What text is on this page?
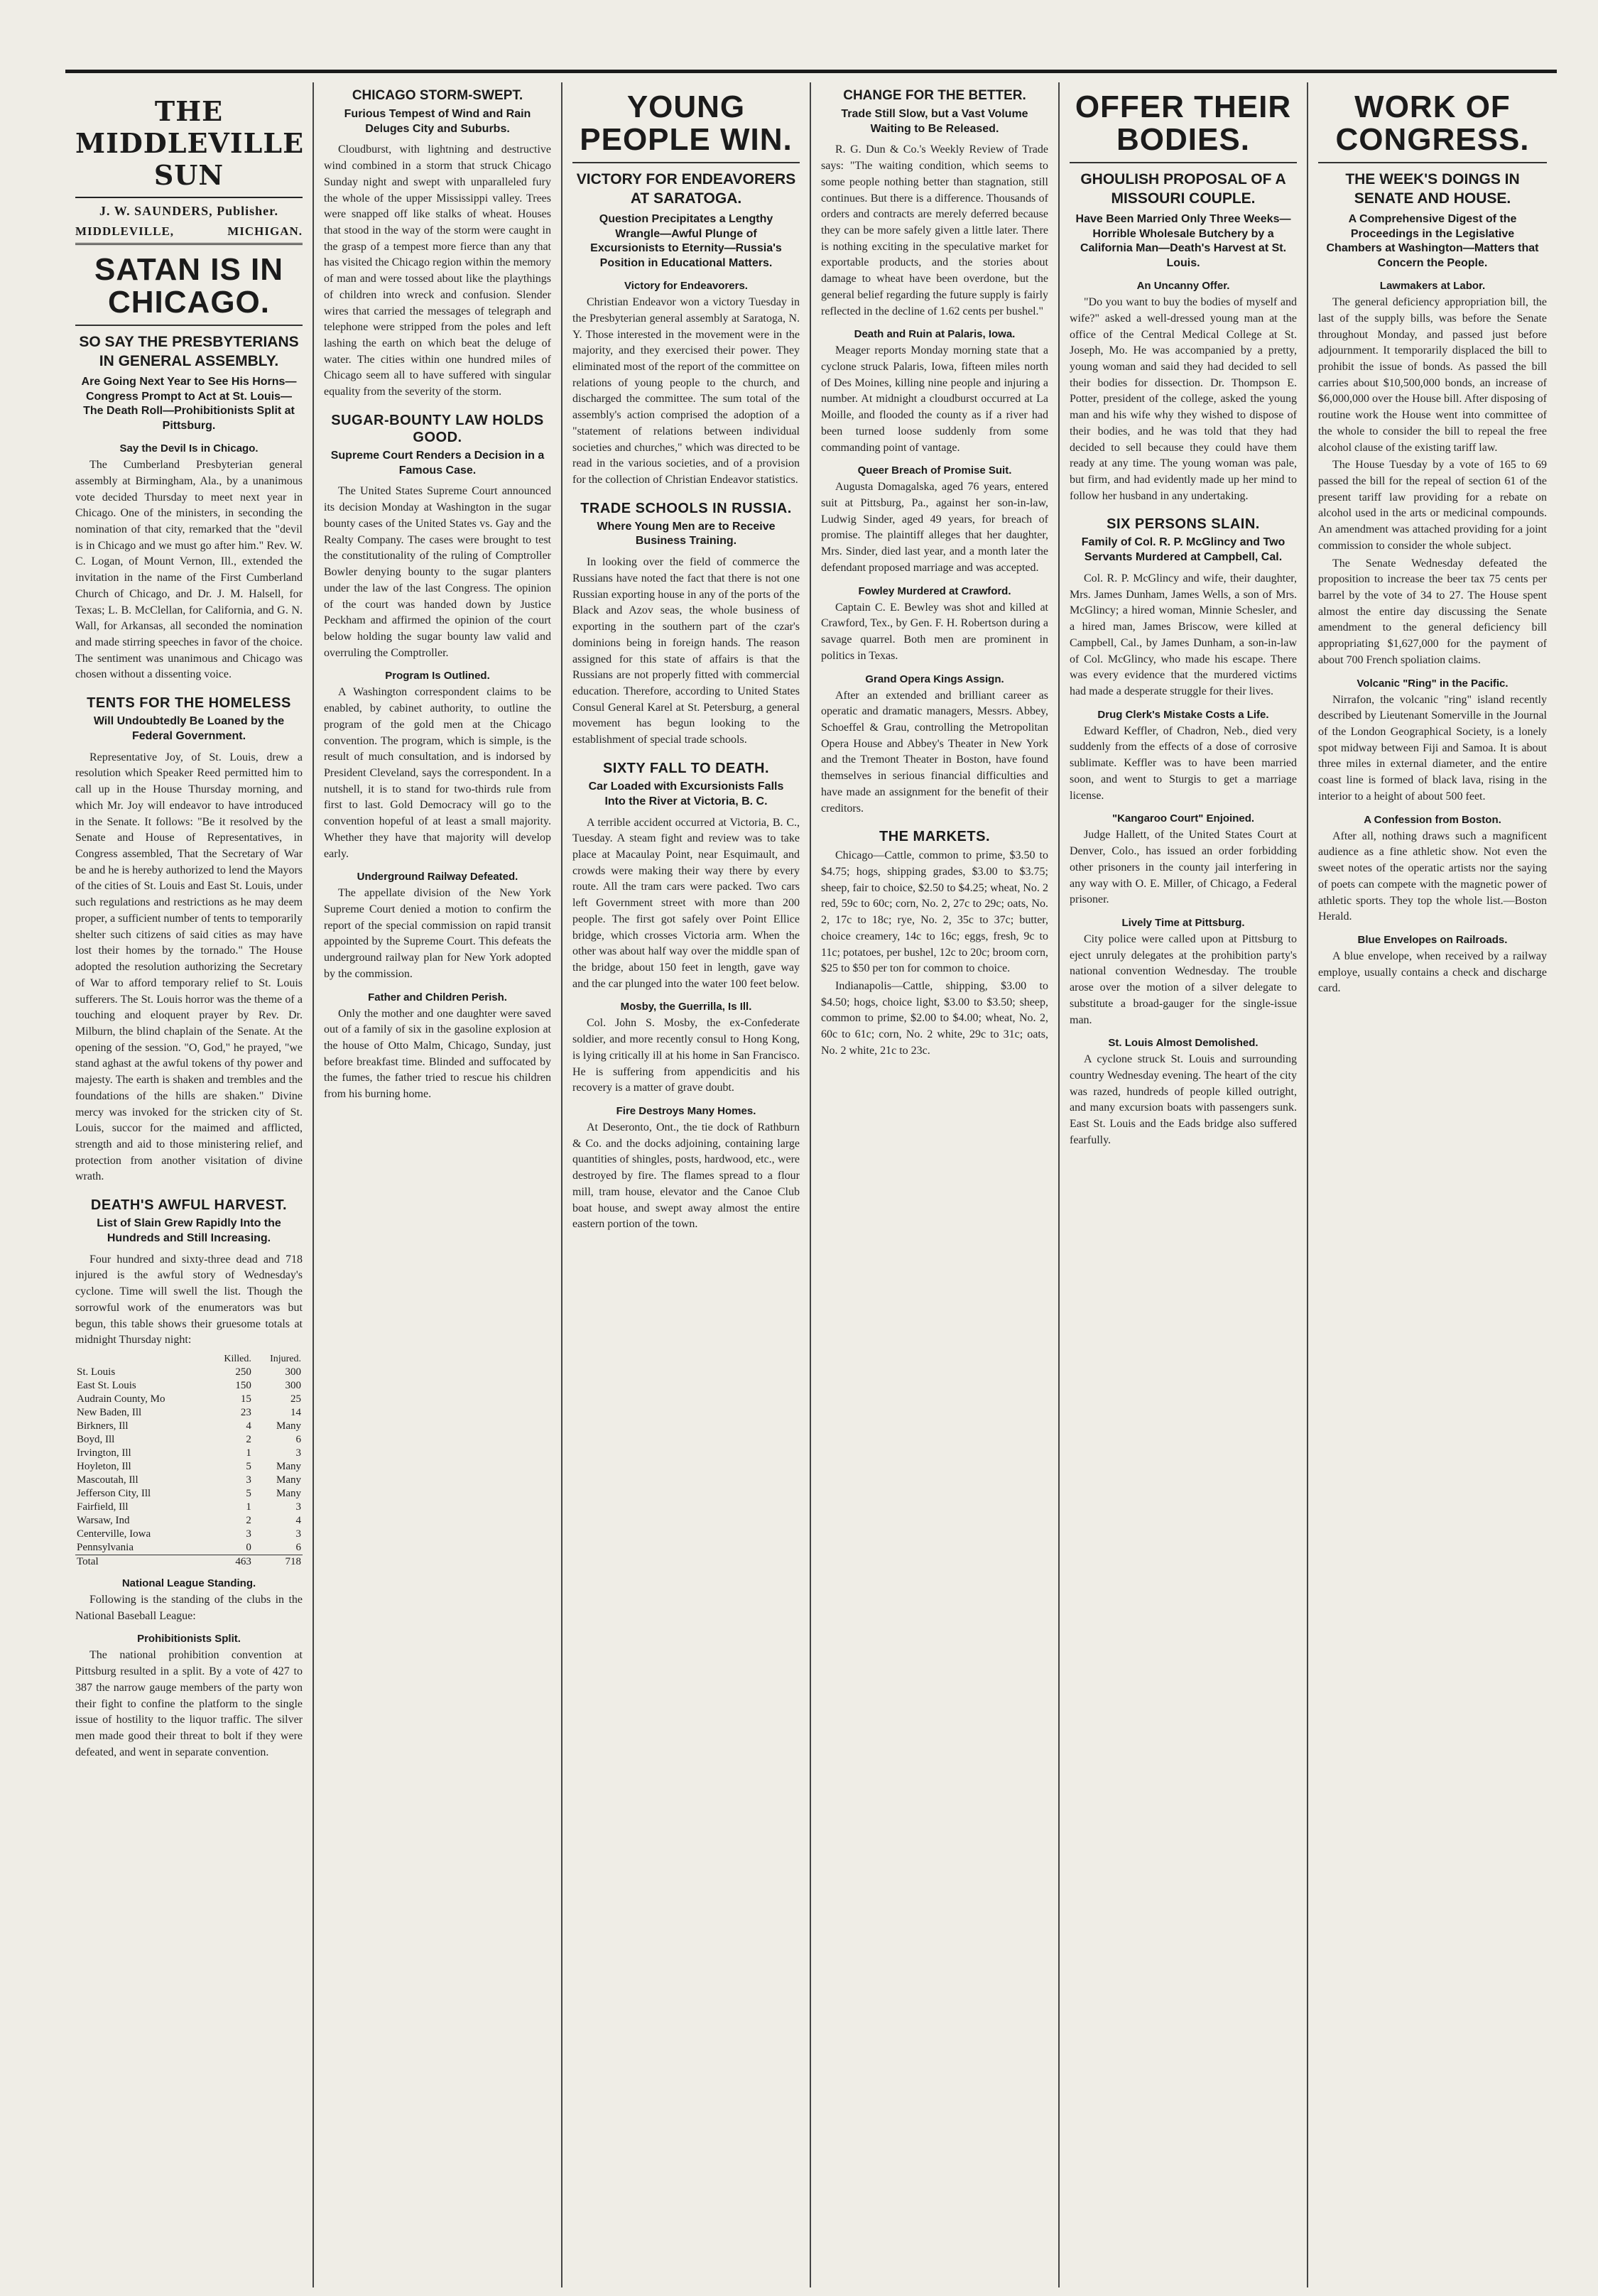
THE MIDDLEVILLE SUN
J. W. SAUNDERS, Publisher.
MIDDLEVILLE,	MICHIGAN.
SATAN IS IN CHICAGO.
SO SAY THE PRESBYTERIANS IN GENERAL ASSEMBLY.
Are Going Next Year to See His Horns—Congress Prompt to Act at St. Louis—The Death Roll—Prohibitionists Split at Pittsburg.
Say the Devil Is in Chicago.

The Cumberland Presbyterian general assembly at Birmingham, Ala., by a unanimous vote decided Thursday to meet next year in Chicago. One of the ministers, in seconding the nomination of that city, remarked that the "devil is in Chicago and we must go after him." Rev. W. C. Logan, of Mount Vernon, Ill., extended the invitation in the name of the First Cumberland Church of Chicago, and Dr. J. M. Halsell, for Texas; L. B. McClellan, for California, and G. N. Wall, for Arkansas, all seconded the nomination and made stirring speeches in favor of the choice. The sentiment was unanimous and Chicago was chosen without a dissenting voice.

TENTS FOR THE HOMELESS
Will Undoubtedly Be Loaned by the Federal Government.

Representative Joy, of St. Louis, drew a resolution which Speaker Reed permitted him to call up in the House Thursday morning, and which Mr. Joy will endeavor to have introduced in the Senate. It follows: "Be it resolved by the Senate and House of Representatives, in Congress assembled, That the Secretary of War be and he is hereby authorized to lend the Mayors of the cities of St. Louis and East St. Louis, under such regulations and restrictions as he may deem proper, a sufficient number of tents to temporarily shelter such citizens of said cities as may have lost their homes by the tornado." The House adopted the resolution authorizing the Secretary of War to afford temporary relief to St. Louis sufferers. The St. Louis horror was the theme of a touching and eloquent prayer by Rev. Dr. Milburn, the blind chaplain of the Senate. At the opening of the session. "O, God," he prayed, "we stand aghast at the awful tokens of thy power and majesty. The earth is shaken and trembles and the foundations of the hills are shaken." Divine mercy was invoked for the stricken city of St. Louis, succor for the maimed and afflicted, strength and aid to those ministering relief, and protection from another visitation of divine wrath.

DEATH'S AWFUL HARVEST.
List of Slain Grew Rapidly Into the Hundreds and Still Increasing.

Four hundred and sixty-three dead and 718 injured is the awful story of Wednesday's cyclone. Time will swell the list. Though the sorrowful work of the enumerators was but begun, this table shows their gruesome totals at midnight Thursday night:

	Killed.	Injured.
St. Louis	250	300
East St. Louis	150	300
Audrain County, Mo	15	25
New Baden, Ill	23	14
Birkners, Ill	4	Many
Boyd, Ill	2	6
Irvington, Ill	1	3
Hoyleton, Ill	5	Many
Mascoutah, Ill	3	Many
Jefferson City, Ill	5	Many
Fairfield, Ill	1	3
Warsaw, Ind	2	4
Centerville, Iowa	3	3
Pennsylvania	0	6
Total	463	718
National League Standing.

Following is the standing of the clubs in the National Baseball League:

Prohibitionists Split.

The national prohibition convention at Pittsburg resulted in a split. By a vote of 427 to 387 the narrow gauge members of the party won their fight to confine the platform to the single issue of hostility to the liquor traffic. The silver men made good their threat to bolt if they were defeated, and went in separate convention.

CHICAGO STORM-SWEPT.
Furious Tempest of Wind and Rain Deluges City and Suburbs.

Cloudburst, with lightning and destructive wind combined in a storm that struck Chicago Sunday night and swept with unparalleled fury the whole of the upper Mississippi valley. Trees were snapped off like stalks of wheat. Houses that stood in the way of the storm were caught in the grasp of a tempest more fierce than any that has visited the Chicago region within the memory of man and were tossed about like the playthings of children into wreck and confusion. Slender wires that carried the messages of telegraph and telephone were stripped from the poles and left lashing the earth on which beat the deluge of water. The cities within one hundred miles of Chicago seem all to have suffered with singular equality from the severity of the storm.

SUGAR-BOUNTY LAW HOLDS GOOD.
Supreme Court Renders a Decision in a Famous Case.

The United States Supreme Court announced its decision Monday at Washington in the sugar bounty cases of the United States vs. Gay and the Realty Company. The cases were brought to test the constitutionality of the ruling of Comptroller Bowler denying bounty to the sugar planters under the law of the last Congress. The opinion of the court was handed down by Justice Peckham and affirmed the opinion of the court below holding the sugar bounty law valid and overruling the Comptroller.

Program Is Outlined.

A Washington correspondent claims to be enabled, by cabinet authority, to outline the program of the gold men at the Chicago convention. The program, which is simple, is the result of much consultation, and is indorsed by President Cleveland, says the correspondent. In a nutshell, it is to stand for two-thirds rule from first to last. Gold Democracy will go to the convention hopeful of at least a small majority. Whether they have that majority will develop early.

Underground Railway Defeated.

The appellate division of the New York Supreme Court denied a motion to confirm the report of the special commission on rapid transit appointed by the Supreme Court. This defeats the underground railway plan for New York adopted by the commission.

Father and Children Perish.

Only the mother and one daughter were saved out of a family of six in the gasoline explosion at the house of Otto Malm, Chicago, Sunday, just before breakfast time. Blinded and suffocated by the fumes, the father tried to rescue his children from his burning home.

YOUNG PEOPLE WIN.
VICTORY FOR ENDEAVORERS AT SARATOGA.
Question Precipitates a Lengthy Wrangle—Awful Plunge of Excursionists to Eternity—Russia's Position in Educational Matters.
Victory for Endeavorers.

Christian Endeavor won a victory Tuesday in the Presbyterian general assembly at Saratoga, N. Y. Those interested in the movement were in the majority, and they exercised their power. They eliminated most of the report of the committee on relations of young people to the church, and discharged the committee. The sum total of the assembly's action comprised the adoption of a "statement of relations between individual societies and churches," which was directed to be read in the various societies, and of a provision for the collection of Christian Endeavor statistics.

TRADE SCHOOLS IN RUSSIA.
Where Young Men are to Receive Business Training.

In looking over the field of commerce the Russians have noted the fact that there is not one Russian exporting house in any of the ports of the Black and Azov seas, the whole business of exporting in the southern part of the czar's dominions being in foreign hands. The reason assigned for this state of affairs is that the Russians are not properly fitted with commercial education. Therefore, according to United States Consul General Karel at St. Petersburg, a general movement has begun looking to the establishment of special trade schools.

SIXTY FALL TO DEATH.
Car Loaded with Excursionists Falls Into the River at Victoria, B. C.

A terrible accident occurred at Victoria, B. C., Tuesday. A steam fight and review was to take place at Macaulay Point, near Esquimault, and crowds were making their way there by every route. All the tram cars were packed. Two cars left Government street with more than 200 people. The first got safely over Point Ellice bridge, which crosses Victoria arm. When the other was about half way over the middle span of the bridge, about 150 feet in length, gave way and the car plunged into the water 100 feet below.

Mosby, the Guerrilla, Is Ill.

Col. John S. Mosby, the ex-Confederate soldier, and more recently consul to Hong Kong, is lying critically ill at his home in San Francisco. He is suffering from appendicitis and his recovery is a matter of grave doubt.

Fire Destroys Many Homes.

At Deseronto, Ont., the tie dock of Rathburn & Co. and the docks adjoining, containing large quantities of shingles, posts, hardwood, etc., were destroyed by fire. The flames spread to a flour mill, tram house, elevator and the Canoe Club boat house, and swept away almost the entire eastern portion of the town.

CHANGE FOR THE BETTER.
Trade Still Slow, but a Vast Volume Waiting to Be Released.

R. G. Dun & Co.'s Weekly Review of Trade says: "The waiting condition, which seems to some people nothing better than stagnation, still continues. But there is a difference. Thousands of orders and contracts are merely deferred because they can be more safely given a little later. There is nothing exciting in the speculative market for exportable products, and the stories about damage to wheat have been overdone, but the general belief regarding the future supply is fairly reflected in the decline of 1.62 cents per bushel."

Death and Ruin at Palaris, Iowa.

Meager reports Monday morning state that a cyclone struck Palaris, Iowa, fifteen miles north of Des Moines, killing nine people and injuring a number. At midnight a cloudburst occurred at La Moille, and flooded the county as if a river had been turned loose suddenly from some commanding point of vantage.

Queer Breach of Promise Suit.

Augusta Domagalska, aged 76 years, entered suit at Pittsburg, Pa., against her son-in-law, Ludwig Sinder, aged 49 years, for breach of promise. The plaintiff alleges that her daughter, Mrs. Sinder, died last year, and a month later the defendant proposed marriage and was accepted.

Fowley Murdered at Crawford.

Captain C. E. Bewley was shot and killed at Crawford, Tex., by Gen. F. H. Robertson during a savage quarrel. Both men are prominent in politics in Texas.

Grand Opera Kings Assign.

After an extended and brilliant career as operatic and dramatic managers, Messrs. Abbey, Schoeffel & Grau, controlling the Metropolitan Opera House and Abbey's Theater in New York and the Tremont Theater in Boston, have found themselves in serious financial difficulties and have made an assignment for the benefit of their creditors.

THE MARKETS.

Chicago—Cattle, common to prime, $3.50 to $4.75; hogs, shipping grades, $3.00 to $3.75; sheep, fair to choice, $2.50 to $4.25; wheat, No. 2 red, 59c to 60c; corn, No. 2, 27c to 29c; oats, No. 2, 17c to 18c; rye, No. 2, 35c to 37c; butter, choice creamery, 14c to 16c; eggs, fresh, 9c to 11c; potatoes, per bushel, 12c to 20c; broom corn, $25 to $50 per ton for common to choice.

Indianapolis—Cattle, shipping, $3.00 to $4.50; hogs, choice light, $3.00 to $3.50; sheep, common to prime, $2.00 to $4.00; wheat, No. 2, 60c to 61c; corn, No. 2 white, 29c to 31c; oats, No. 2 white, 21c to 23c.

OFFER THEIR BODIES.
GHOULISH PROPOSAL OF A MISSOURI COUPLE.
Have Been Married Only Three Weeks—Horrible Wholesale Butchery by a California Man—Death's Harvest at St. Louis.
An Uncanny Offer.

"Do you want to buy the bodies of myself and wife?" asked a well-dressed young man at the office of the Central Medical College at St. Joseph, Mo. He was accompanied by a pretty, young woman and said they had decided to sell their bodies for dissection. Dr. Thompson E. Potter, president of the college, asked the young man and his wife why they wished to dispose of their bodies, and he was told that they had decided to sell because they could have them ready at any time. The young woman was pale, but firm, and had evidently made up her mind to follow her husband in any undertaking.

SIX PERSONS SLAIN.
Family of Col. R. P. McGlincy and Two Servants Murdered at Campbell, Cal.

Col. R. P. McGlincy and wife, their daughter, Mrs. James Dunham, James Wells, a son of Mrs. McGlincy; a hired woman, Minnie Schesler, and a hired man, James Briscow, were killed at Campbell, Cal., by James Dunham, a son-in-law of Col. McGlincy, who made his escape. There was every evidence that the murdered victims had made a desperate struggle for their lives.

Drug Clerk's Mistake Costs a Life.

Edward Keffler, of Chadron, Neb., died very suddenly from the effects of a dose of corrosive sublimate. Keffler was to have been married soon, and went to Sturgis to get a marriage license.

"Kangaroo Court" Enjoined.

Judge Hallett, of the United States Court at Denver, Colo., has issued an order forbidding other prisoners in the county jail interfering in any way with O. E. Miller, of Chicago, a Federal prisoner.

Lively Time at Pittsburg.

City police were called upon at Pittsburg to eject unruly delegates at the prohibition party's national convention Wednesday. The trouble arose over the motion of a silver delegate to substitute a broad-gauger for the single-issue man.

St. Louis Almost Demolished.

A cyclone struck St. Louis and surrounding country Wednesday evening. The heart of the city was razed, hundreds of people killed outright, and many excursion boats with passengers sunk. East St. Louis and the Eads bridge also suffered fearfully.

WORK OF CONGRESS.
THE WEEK'S DOINGS IN SENATE AND HOUSE.
A Comprehensive Digest of the Proceedings in the Legislative Chambers at Washington—Matters that Concern the People.
Lawmakers at Labor.

The general deficiency appropriation bill, the last of the supply bills, was before the Senate throughout Monday, and passed just before adjournment. It temporarily displaced the bill to prohibit the issue of bonds. As passed the bill carries about $10,500,000 bonds, an increase of $6,000,000 over the House bill. After disposing of routine work the House went into committee of the whole to consider the bill to repeal the free alcohol clause of the existing tariff law.

The House Tuesday by a vote of 165 to 69 passed the bill for the repeal of section 61 of the present tariff law providing for a rebate on alcohol used in the arts or medicinal compounds. An amendment was attached providing for a joint commission to consider the whole subject.

The Senate Wednesday defeated the proposition to increase the beer tax 75 cents per barrel by the vote of 34 to 27. The House spent almost the entire day discussing the Senate amendment to the general deficiency bill appropriating $1,627,000 for the payment of about 700 French spoliation claims.

Volcanic "Ring" in the Pacific.

Nirrafon, the volcanic "ring" island recently described by Lieutenant Somerville in the Journal of the London Geographical Society, is a lonely spot midway between Fiji and Samoa. It is about three miles in external diameter, and the entire coast line is formed of black lava, rising in the interior to a height of about 500 feet.

A Confession from Boston.

After all, nothing draws such a magnificent audience as a fine athletic show. Not even the sweet notes of the operatic artists nor the saying of poets can compete with the magnetic power of athletic sports. They top the whole list.—Boston Herald.

Blue Envelopes on Railroads.

A blue envelope, when received by a railway employe, usually contains a check and discharge card.
